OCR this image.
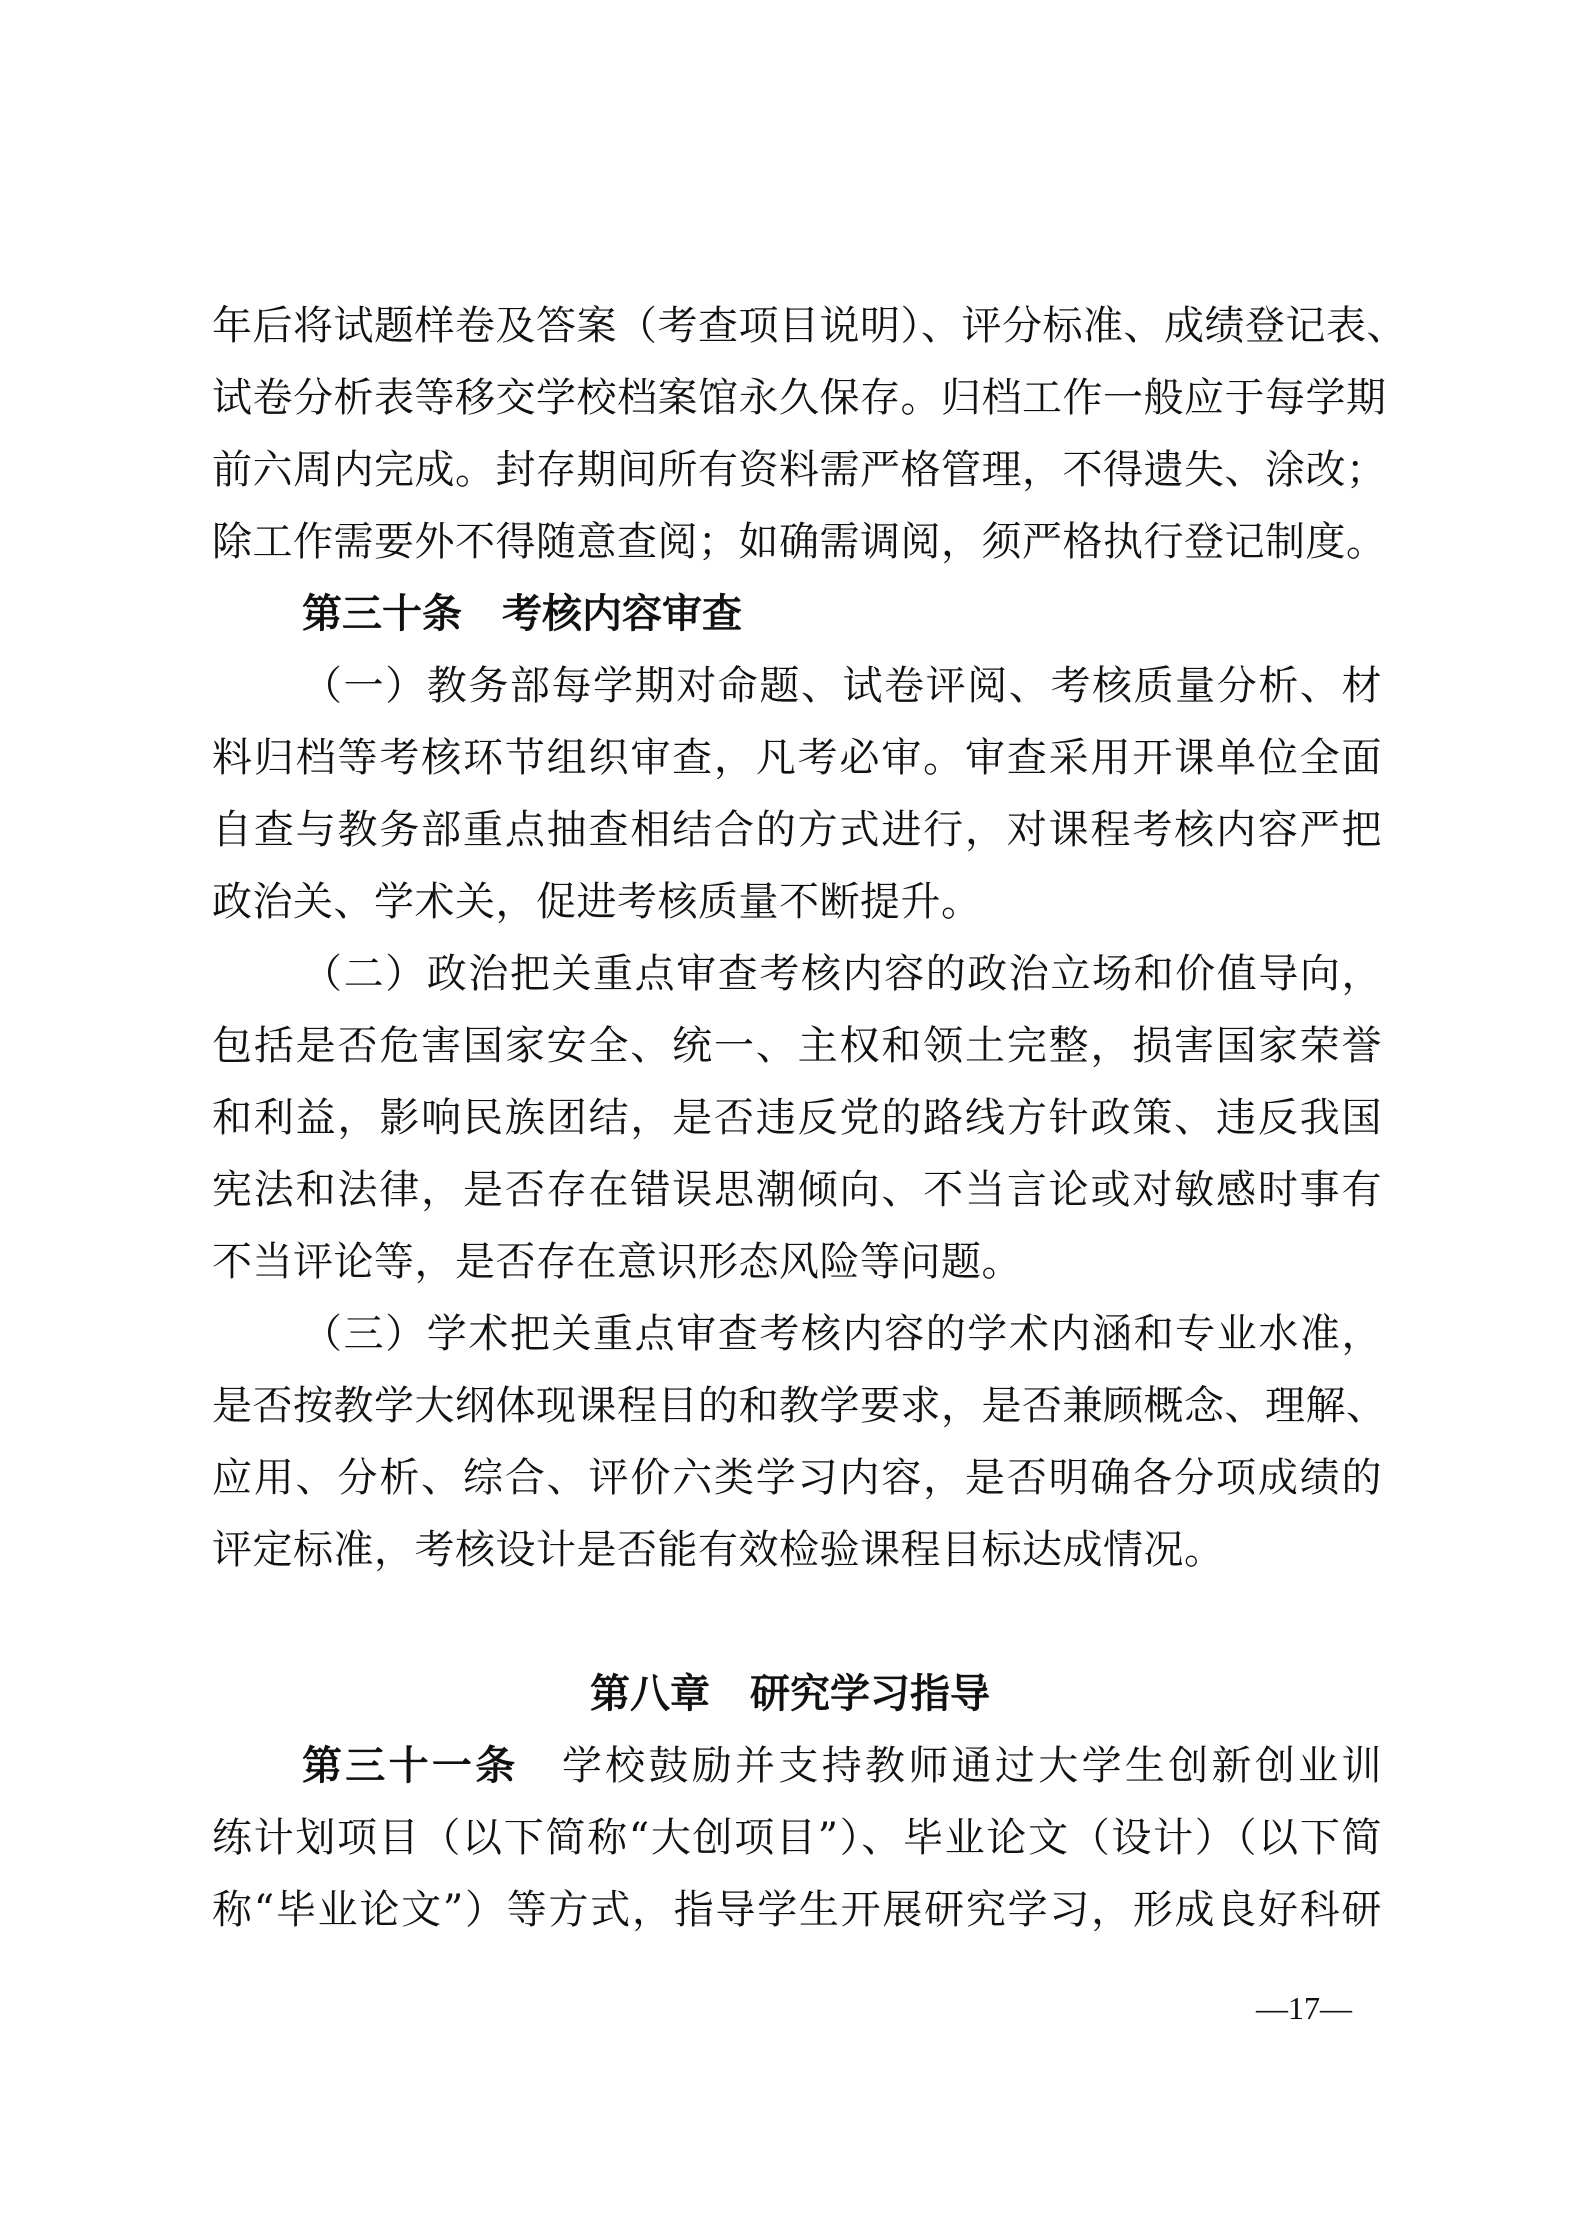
年后将试题样卷及答案（考查项目说明）、评分标准、成绩登记表、
试卷分析表等移交学校档案馆永久保存。归档工作一般应于每学期
前六周内完成。封存期间所有资料需严格管理，不得遗失、涂改；
除工作需要外不得随意查阅；如确需调阅，须严格执行登记制度。
第三十条　考核内容审查
（一）教务部每学期对命题、试卷评阅、考核质量分析、材
料归档等考核环节组织审查，凡考必审。审查采用开课单位全面
自查与教务部重点抽查相结合的方式进行，对课程考核内容严把
政治关、学术关，促进考核质量不断提升。
（二）政治把关重点审查考核内容的政治立场和价值导向，
包括是否危害国家安全、统一、主权和领土完整，损害国家荣誉
和利益，影响民族团结，是否违反党的路线方针政策、违反我国
宪法和法律，是否存在错误思潮倾向、不当言论或对敏感时事有
不当评论等，是否存在意识形态风险等问题。
（三）学术把关重点审查考核内容的学术内涵和专业水准，
是否按教学大纲体现课程目的和教学要求，是否兼顾概念、理解、
应用、分析、综合、评价六类学习内容，是否明确各分项成绩的
评定标准，考核设计是否能有效检验课程目标达成情况。
第八章　研究学习指导
第三十一条　学校鼓励并支持教师通过大学生创新创业训
练计划项目（以下简称“大创项目”）、毕业论文（设计）（以下简
称“毕业论文”）等方式，指导学生开展研究学习，形成良好科研
—17—
